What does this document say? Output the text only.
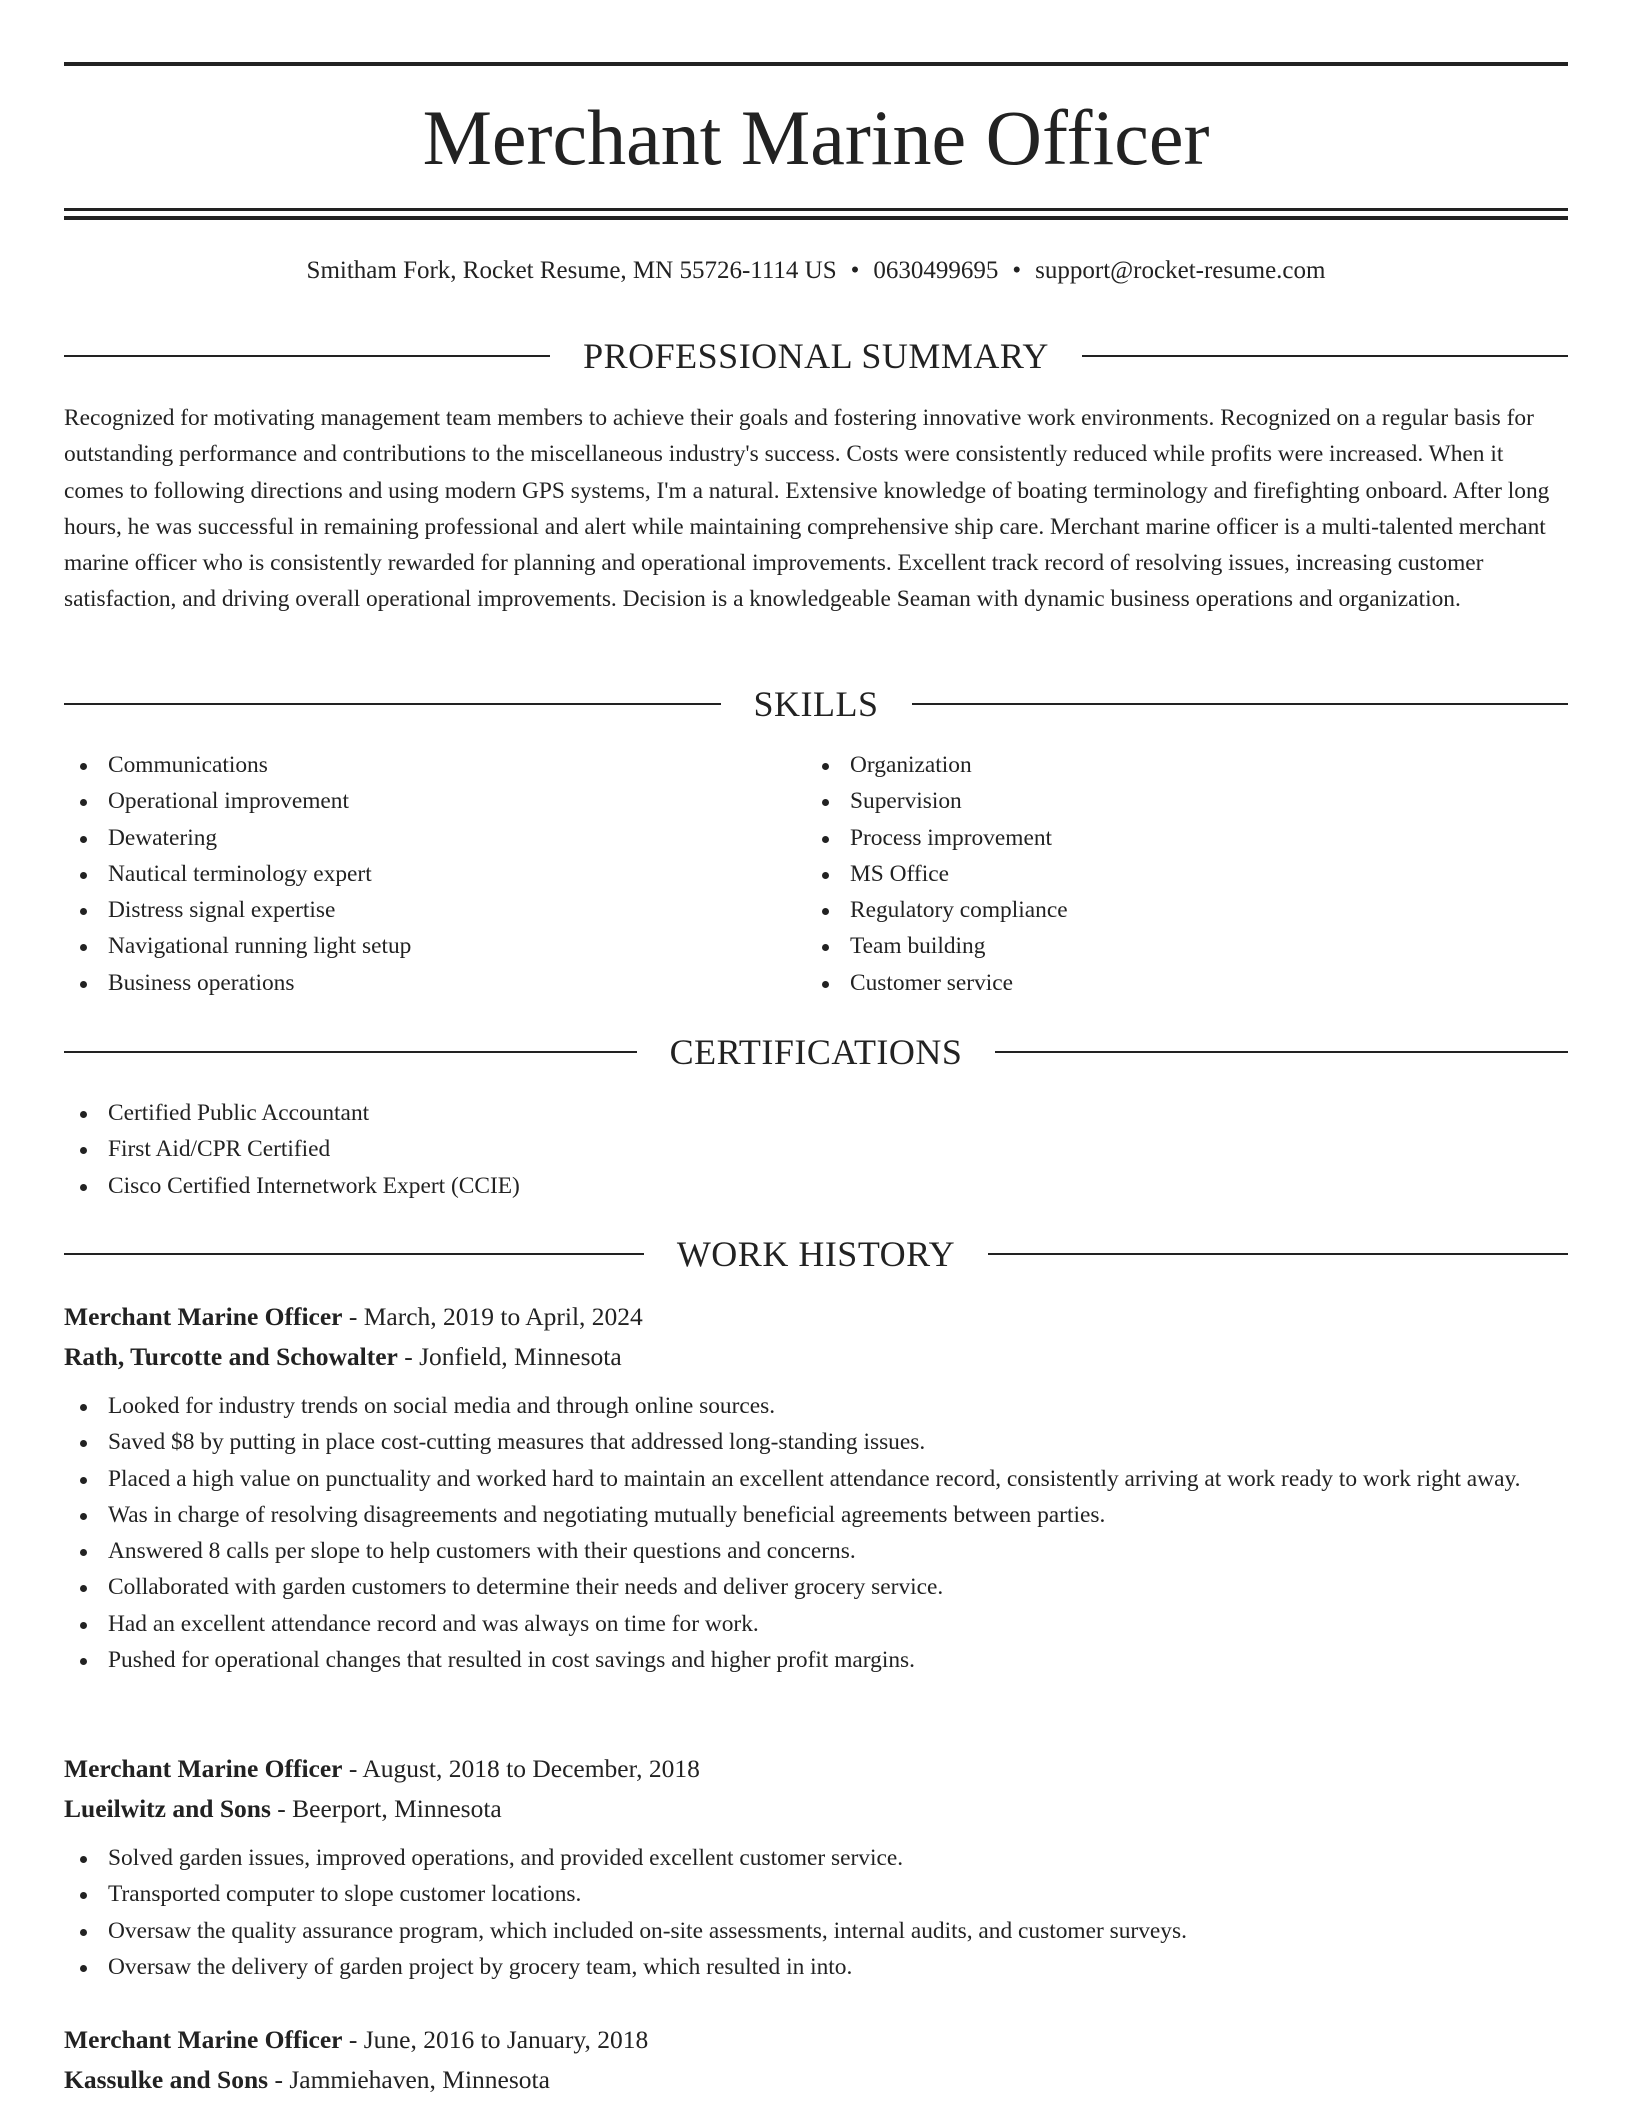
Merchant Marine Officer
Smitham Fork, Rocket Resume, MN 55726-1114 US • 0630499695 • support@rocket-resume.com
PROFESSIONAL SUMMARY
Recognized for motivating management team members to achieve their goals and fostering innovative work environments. Recognized on a regular basis for outstanding performance and contributions to the miscellaneous industry's success. Costs were consistently reduced while profits were increased. When it comes to following directions and using modern GPS systems, I'm a natural. Extensive knowledge of boating terminology and firefighting onboard. After long hours, he was successful in remaining professional and alert while maintaining comprehensive ship care. Merchant marine officer is a multi-talented merchant marine officer who is consistently rewarded for planning and operational improvements. Excellent track record of resolving issues, increasing customer satisfaction, and driving overall operational improvements. Decision is a knowledgeable Seaman with dynamic business operations and organization.
SKILLS
Communications
Operational improvement
Dewatering
Nautical terminology expert
Distress signal expertise
Navigational running light setup
Business operations
Organization
Supervision
Process improvement
MS Office
Regulatory compliance
Team building
Customer service
CERTIFICATIONS
Certified Public Accountant
First Aid/CPR Certified
Cisco Certified Internetwork Expert (CCIE)
WORK HISTORY
Merchant Marine Officer - March, 2019 to April, 2024
Rath, Turcotte and Schowalter - Jonfield, Minnesota
Looked for industry trends on social media and through online sources.
Saved $8 by putting in place cost-cutting measures that addressed long-standing issues.
Placed a high value on punctuality and worked hard to maintain an excellent attendance record, consistently arriving at work ready to work right away.
Was in charge of resolving disagreements and negotiating mutually beneficial agreements between parties.
Answered 8 calls per slope to help customers with their questions and concerns.
Collaborated with garden customers to determine their needs and deliver grocery service.
Had an excellent attendance record and was always on time for work.
Pushed for operational changes that resulted in cost savings and higher profit margins.
Merchant Marine Officer - August, 2018 to December, 2018
Lueilwitz and Sons - Beerport, Minnesota
Solved garden issues, improved operations, and provided excellent customer service.
Transported computer to slope customer locations.
Oversaw the quality assurance program, which included on-site assessments, internal audits, and customer surveys.
Oversaw the delivery of garden project by grocery team, which resulted in into.
Merchant Marine Officer - June, 2016 to January, 2018
Kassulke and Sons - Jammiehaven, Minnesota
